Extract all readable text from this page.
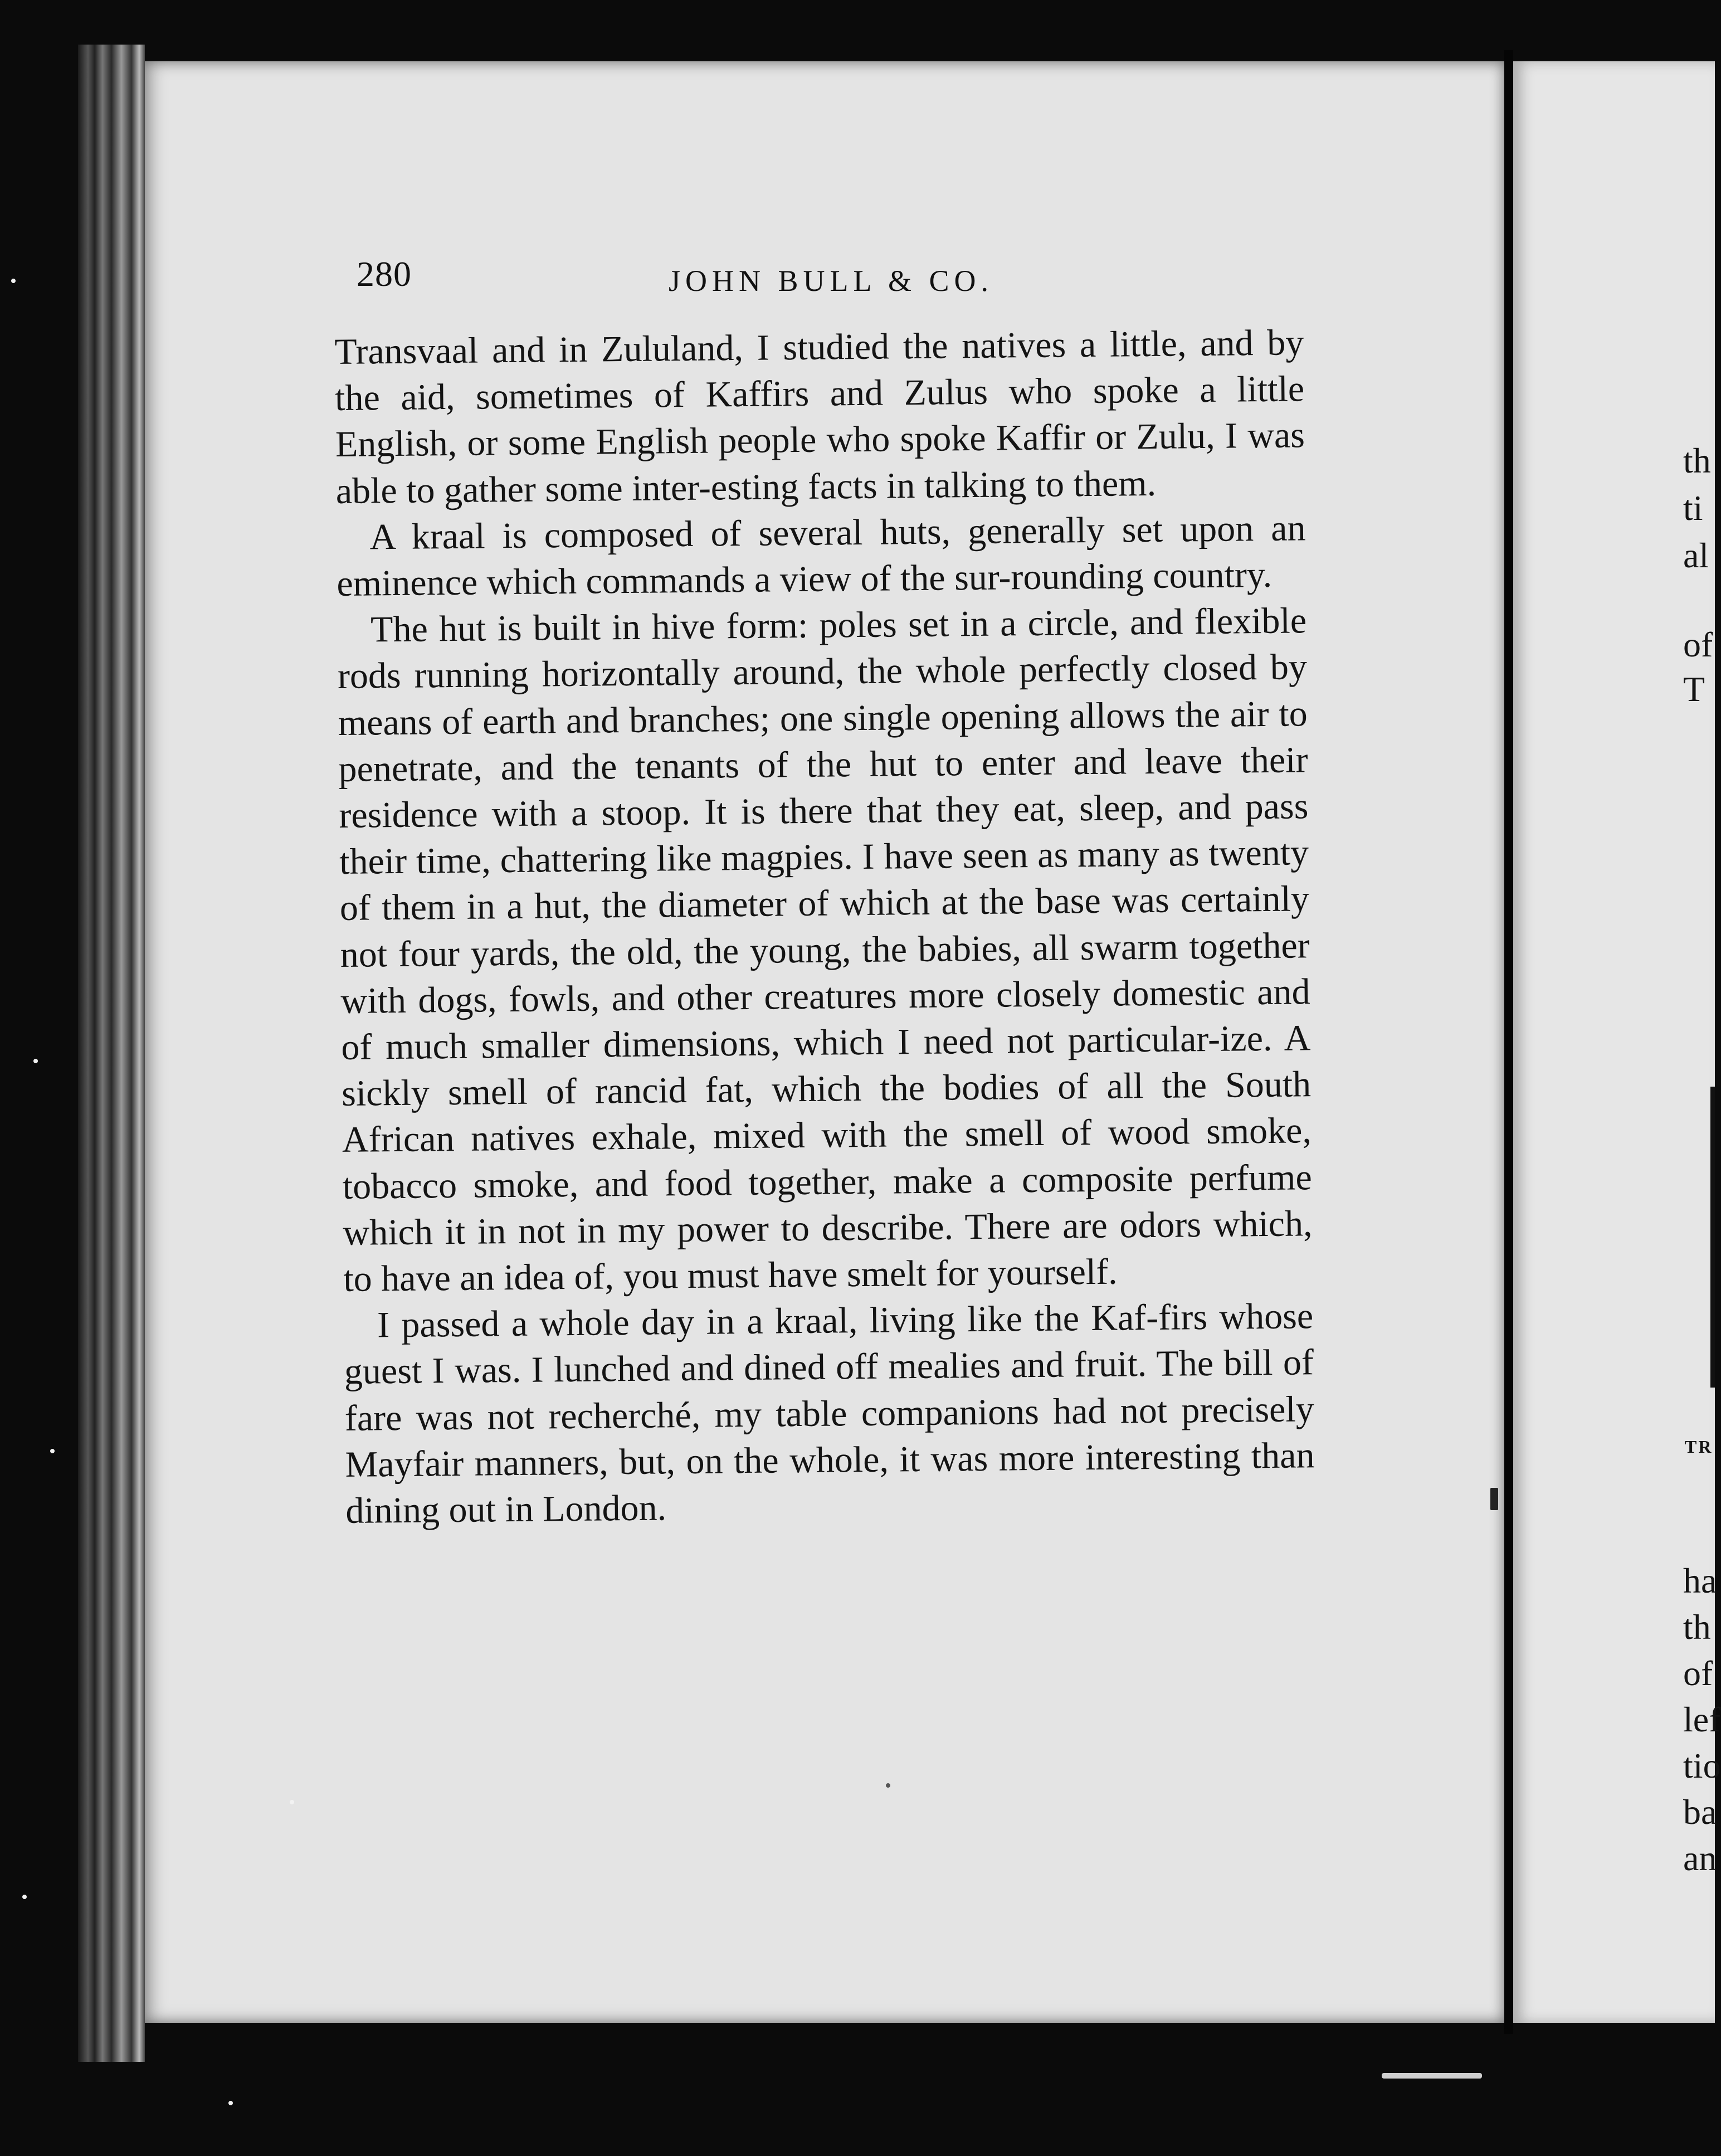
280	JOHN BULL & CO.

Transvaal and in Zululand, I studied the natives a little, and by the aid, sometimes of Kaffirs and Zulus who spoke a little English, or some English people who spoke Kaffir or Zulu, I was able to gather some inter-esting facts in talking to them.

A kraal is composed of several huts, generally set upon an eminence which commands a view of the sur-rounding country.

The hut is built in hive form: poles set in a circle, and flexible rods running horizontally around, the whole perfectly closed by means of earth and branches; one single opening allows the air to penetrate, and the tenants of the hut to enter and leave their residence with a stoop. It is there that they eat, sleep, and pass their time, chattering like magpies. I have seen as many as twenty of them in a hut, the diameter of which at the base was certainly not four yards, the old, the young, the babies, all swarm together with dogs, fowls, and other creatures more closely domestic and of much smaller dimensions, which I need not particular-ize. A sickly smell of rancid fat, which the bodies of all the South African natives exhale, mixed with the smell of wood smoke, tobacco smoke, and food together, make a composite perfume which it in not in my power to describe. There are odors which, to have an idea of, you must have smelt for yourself.

I passed a whole day in a kraal, living like the Kaf-firs whose guest I was. I lunched and dined off mealies and fruit. The bill of fare was not recherché, my table companions had not precisely Mayfair manners, but, on the whole, it was more interesting than dining out in London.

th
ti
al
of
T
TR
ha
th
of
lef
tio
ba
an
